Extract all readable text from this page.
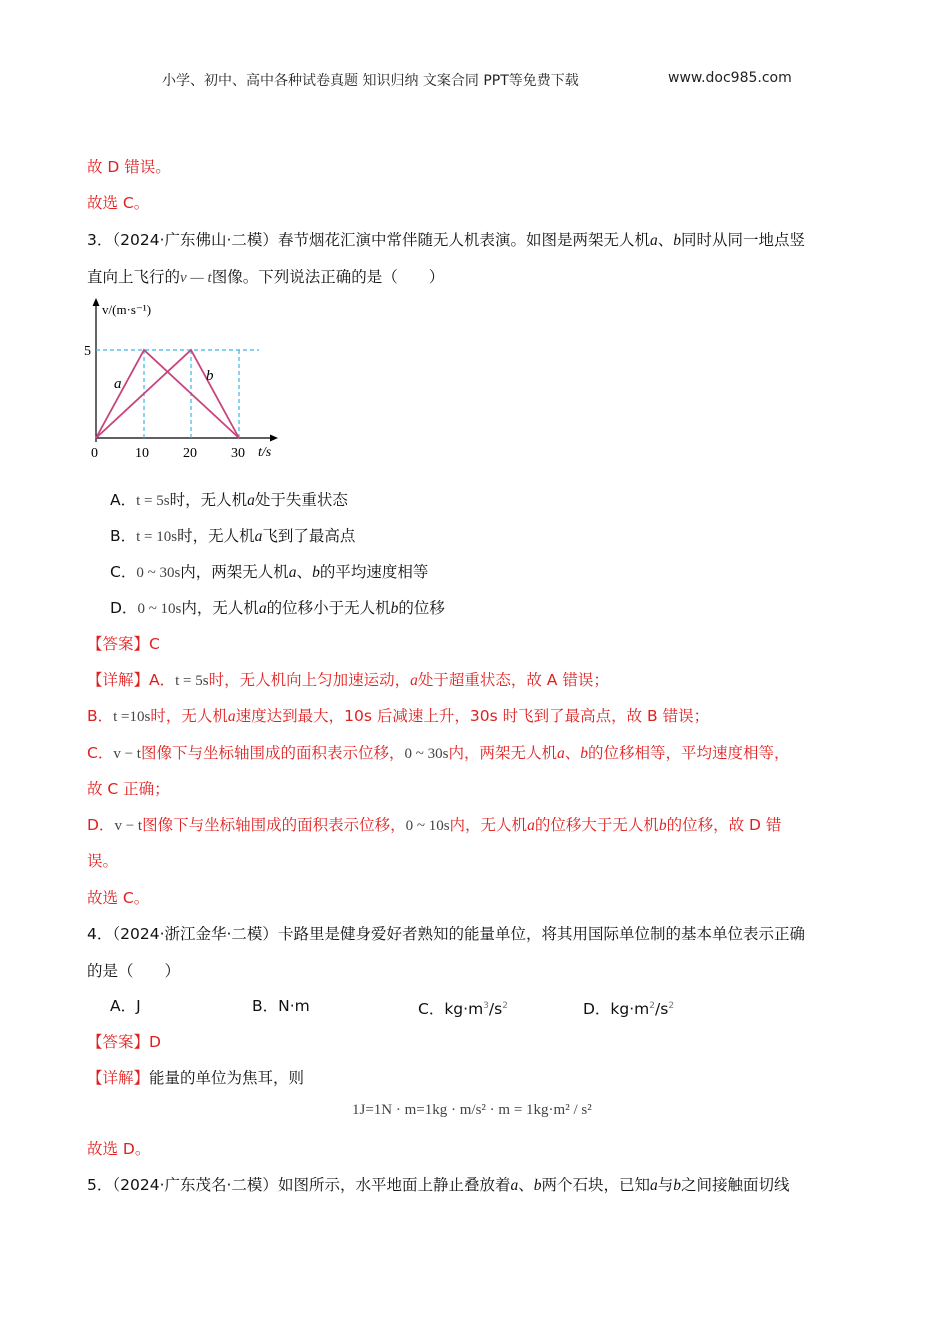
小学、初中、高中各种试卷真题 知识归纳 文案合同 PPT等免费下载	www.doc985.com
故 D 错误。
故选 C。
3．（2024·广东佛山·二模）春节烟花汇演中常伴随无人机表演。如图是两架无人机a、b同时从同一地点竖
直向上飞行的v — t图像。下列说法正确的是（　　）
v/(m·s⁻¹)
5
0	10 20 30 t/s
a	b
A．t = 5s时，无人机a处于失重状态
B．t = 10s时，无人机a飞到了最高点
C．0 ~ 30s内，两架无人机a、b的平均速度相等
D．0 ~ 10s内，无人机a的位移小于无人机b的位移
【答案】C
【详解】A．t = 5s时，无人机向上匀加速运动，a处于超重状态，故 A 错误；
B．t =10s时，无人机a速度达到最大，10s 后减速上升，30s 时飞到了最高点，故 B 错误；
C．v − t图像下与坐标轴围成的面积表示位移，0 ~ 30s内，两架无人机a、b的位移相等，平均速度相等，
故 C 正确；
D．v − t图像下与坐标轴围成的面积表示位移，0 ~ 10s内，无人机a的位移大于无人机b的位移，故 D 错
误。
故选 C。
4．（2024·浙江金华·二模）卡路里是健身爱好者熟知的能量单位，将其用国际单位制的基本单位表示正确
的是（　　）
A．J	B．N·m	C．$kg\cdot m^3/s^2$	D．$kg\cdot m^2/s^2$
【答案】D
【详解】能量的单位为焦耳，则
1J=1N · m=1kg · m/s² · m = 1kg·m² / s²
故选 D。
5．（2024·广东茂名·二模）如图所示，水平地面上静止叠放着a、b两个石块，已知a与b之间接触面切线
